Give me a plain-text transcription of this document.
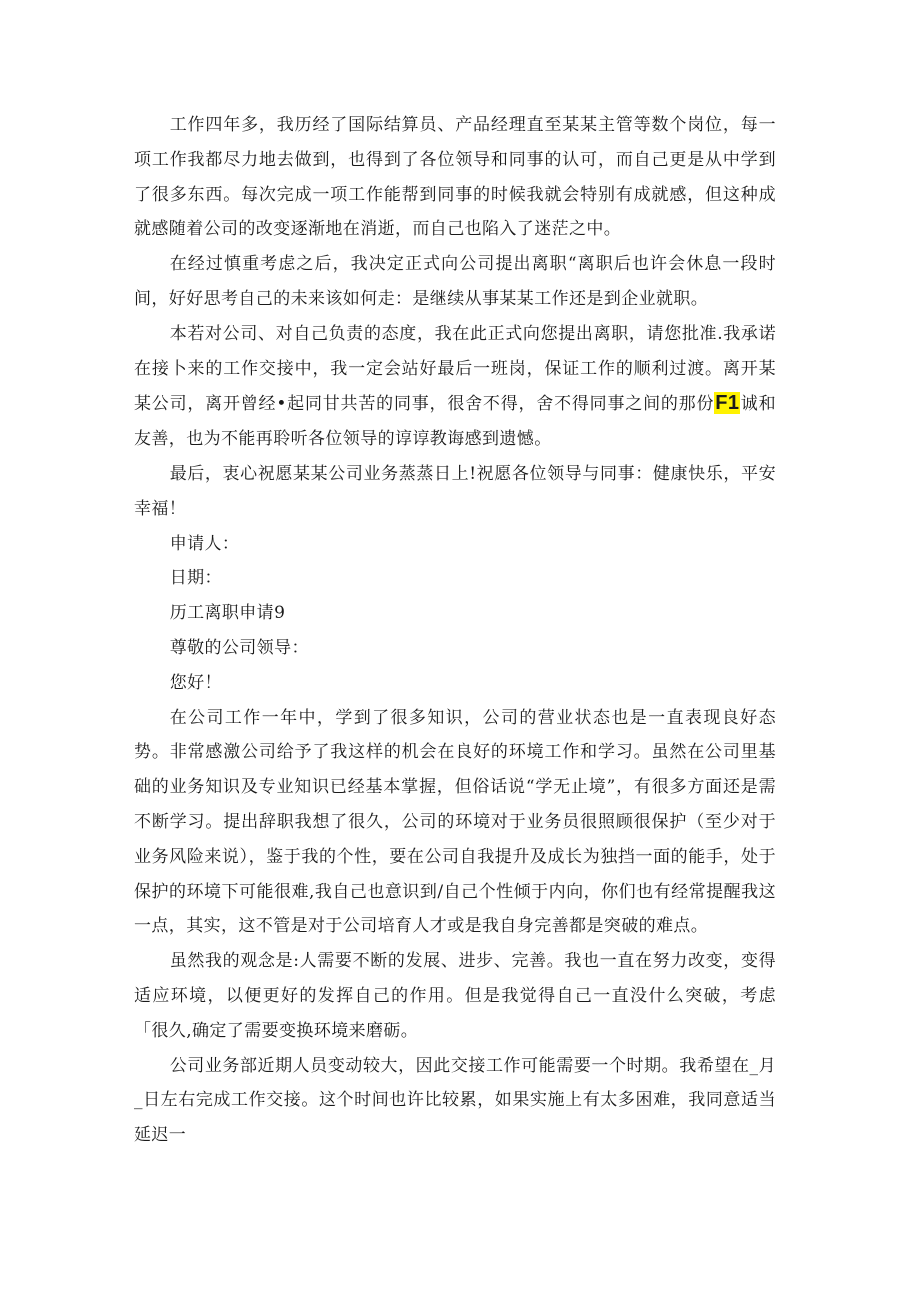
工作四年多，我历经了国际结算员、产品经理直至某某主管等数个岗位，每一项工作我都尽力地去做到，也得到了各位领导和同事的认可，而自己更是从中学到了很多东西。每次完成一项工作能帮到同事的时候我就会特别有成就感，但这种成就感随着公司的改变逐渐地在消逝，而自己也陷入了迷茫之中。

在经过慎重考虑之后，我决定正式向公司提出离职“离职后也许会休息一段时间，好好思考自己的未来该如何走：是继续从事某某工作还是到企业就职。

本若对公司、对自己负责的态度，我在此正式向您提出离职，请您批准.我承诺在接卜来的工作交接中，我一定会站好最后一班岗，保证工作的顺利过渡。离开某某公司，离开曾经•起同甘共苦的同事，很舍不得，舍不得同事之间的那份F1诚和友善，也为不能再聆听各位领导的谆谆教诲感到遗憾。

最后，衷心祝愿某某公司业务蒸蒸日上!祝愿各位领导与同事：健康快乐，平安幸福！

申请人：

日期：

历工离职申请9

尊敬的公司领导：

您好！

在公司工作一年中，学到了很多知识，公司的营业状态也是一直表现良好态势。非常感激公司给予了我这样的机会在良好的环境工作和学习。虽然在公司里基础的业务知识及专业知识已经基本掌握，但俗话说“学无止境”，有很多方面还是需不断学习。提出辞职我想了很久，公司的环境对于业务员很照顾很保护（至少对于业务风险来说），鉴于我的个性，要在公司自我提升及成长为独挡一面的能手，处于保护的环境下可能很难,我自己也意识到/自己个性倾于内向，你们也有经常提醒我这一点，其实，这不管是对于公司培育人才或是我自身完善都是突破的难点。

虽然我的观念是:人需要不断的发展、进步、完善。我也一直在努力改变，变得适应环境，以便更好的发挥自己的作用。但是我觉得自己一直没什么突破，考虑「很久,确定了需要变换环境来磨砺。

公司业务部近期人员变动较大，因此交接工作可能需要一个时期。我希望在_月_日左右完成工作交接。这个时间也许比较累，如果实施上有太多困难，我同意适当延迟一
